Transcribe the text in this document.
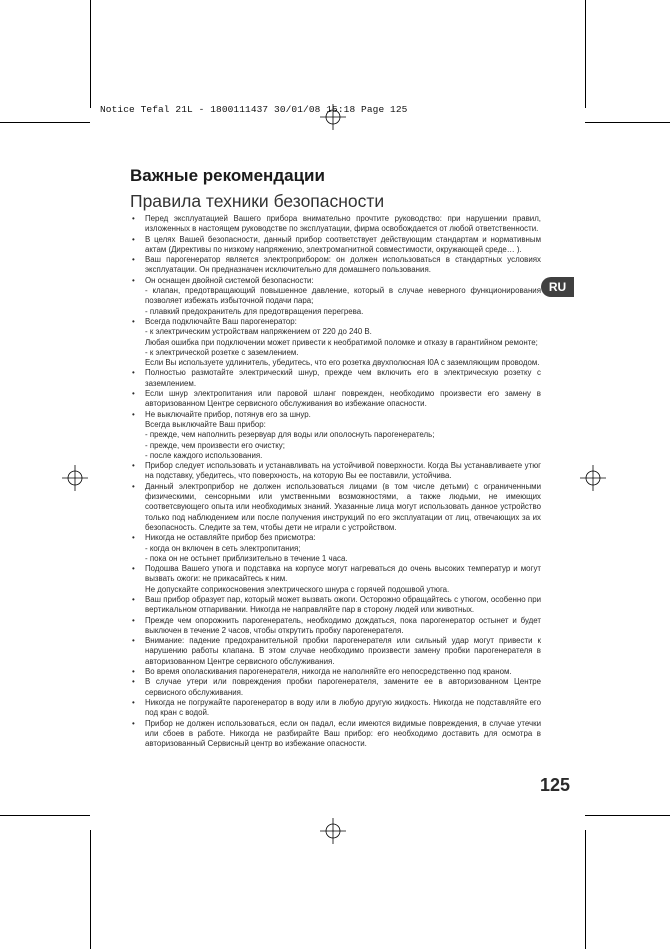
Notice Tefal 21L - 1800111437 30/01/08 15:18 Page 125
Важные рекомендации
Правила техники безопасности
RU
• Перед эксплуатацией Вашего прибора внимательно прочтите руководство: при нарушении правил, изложенных в настоящем руководстве по эксплуатации, фирма освобождается от любой ответственности.
• В целях Вашей безопасности, данный прибор соответствует действующим стандартам и нормативным актам (Директивы по низкому напряжению, электромагнитной совместимости, окружающей среде… ).
• Ваш парогенератор является электроприбором: он должен использоваться в стандартных условиях эксплуатации. Он предназначен исключительно для домашнего пользования.
• Он оснащен двойной системой безопасности:
- клапан, предотвращающий повышенное давление, который в случае неверного функционирования позволяет избежать избыточной подачи пара;
- плавкий предохранитель для предотвращения перегрева.
• Всегда подключайте Ваш парогенератор:
- к электрическим устройствам напряжением от 220 до 240 В.
Любая ошибка при подключении может привести к необратимой поломке и отказу в гарантийном ремонте;
- к электрической розетке с заземлением.
Если Вы используете удлинитель, убедитесь, что его розетка двухполюсная I0A с заземляющим проводом.
• Полностью размотайте электрический шнур, прежде чем включить его в электрическую розетку с заземлением.
• Если шнур электропитания или паровой шланг поврежден, необходимо произвести его замену в авторизованном Центре сервисного обслуживания во избежание опасности.
• Не выключайте прибор, потянув его за шнур.
Всегда выключайте Ваш прибор:
- прежде, чем наполнить резервуар для воды или ополоснуть парогенератель;
- прежде, чем произвести его очистку;
- после каждого использования.
• Прибор следует использовать и устанавливать на устойчивой поверхности. Когда Вы устанавливаете утюг на подставку, убедитесь, что поверхность, на которую Вы ее поставили, устойчива.
• Данный электроприбор не должен использоваться лицами (в том числе детьми) с ограниченными физическими, сенсорными или умственными возможностями, а также людьми, не имеющих соответсвующего опыта или необходимых знаний. Указанные лица могут использовать данное устройство только под наблюдением или после получения инструкций по его эксплуатации от лиц, отвечающих за их безопасность. Следите за тем, чтобы дети не играли с устройством.
• Никогда не оставляйте прибор без присмотра:
- когда он включен в сеть электропитания;
- пока он не остынет приблизительно в течение 1 часа.
• Подошва Вашего утюга и подставка на корпусе могут нагреваться до очень высоких температур и могут вызвать ожоги: не прикасайтесь к ним.
Не допускайте соприкосновения электрического шнура с горячей подошвой утюга.
• Ваш прибор образует пар, который может вызвать ожоги. Осторожно обращайтесь с утюгом, особенно при вертикальном отпаривании. Никогда не направляйте пар в сторону людей или животных.
• Прежде чем опорожнить парогенератель, необходимо дождаться, пока парогенератор остынет и будет выключен в течение 2 часов, чтобы открутить пробку парогенерателя.
• Внимание: падение предохранительной пробки парогенерателя или сильный удар могут привести к нарушению работы клапана. В этом случае необходимо произвести замену пробки парогенерателя в авторизованном Центре сервисного обслуживания.
• Во время ополаскивания парогенерателя, никогда не наполняйте его непосредственно под краном.
• В случае утери или повреждения пробки парогенерателя, замените ее в авторизованном Центре сервисного обслуживания.
• Никогда не погружайте парогенератор в воду или в любую другую жидкость. Никогда не подставляйте его под кран с водой.
• Прибор не должен использоваться, если он падал, если имеются видимые повреждения, в случае утечки или сбоев в работе. Никогда не разбирайте Ваш прибор: его необходимо доставить для осмотра в авторизованный Сервисный центр во избежание опасности.
125
